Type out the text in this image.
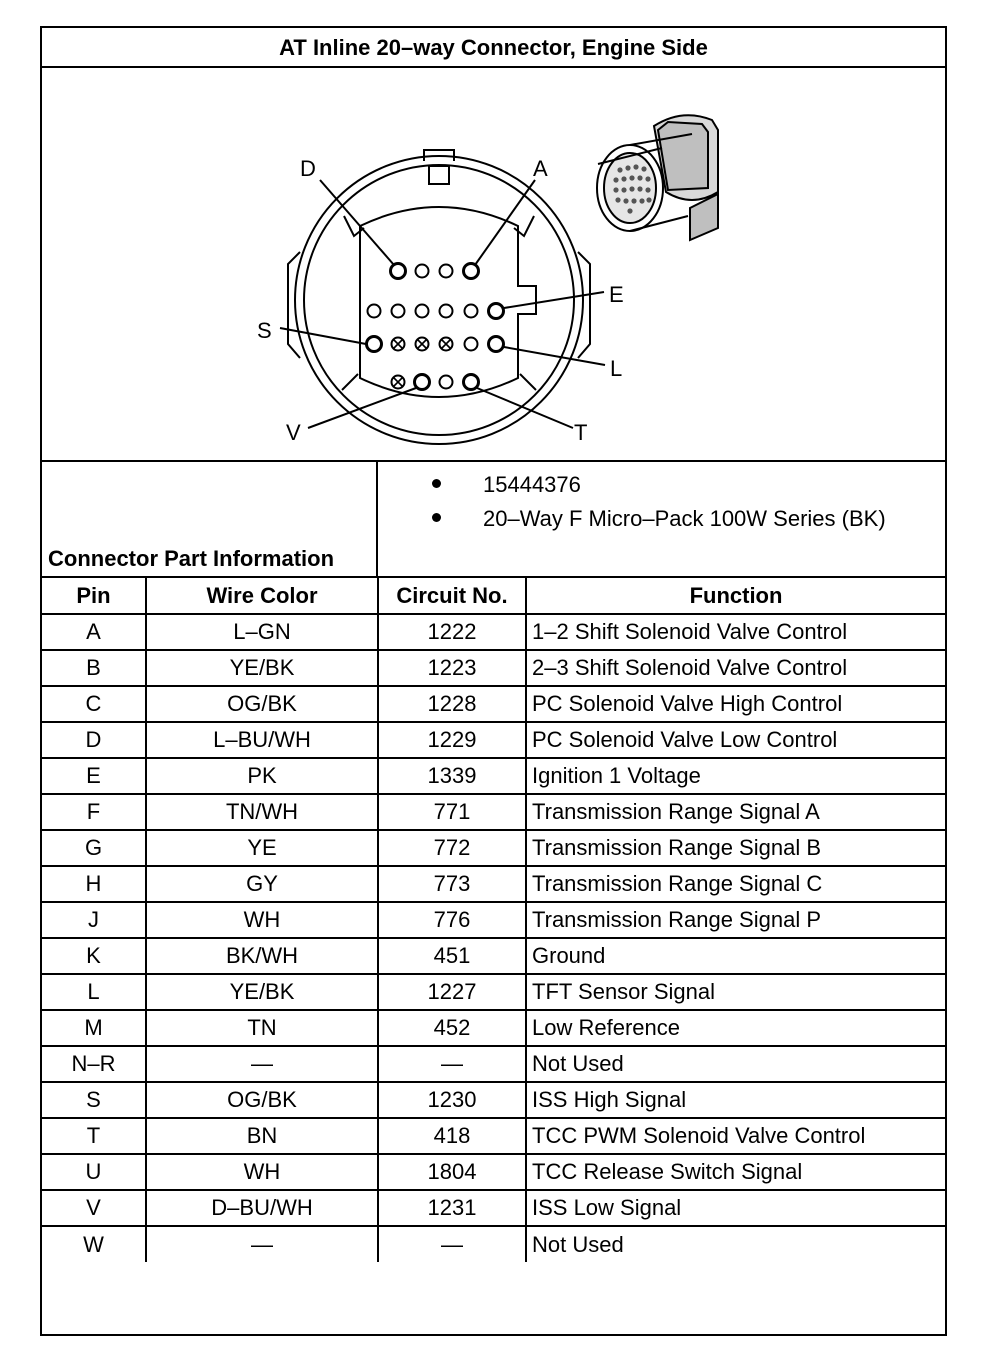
AT Inline 20–way Connector, Engine Side
D	A
E
S
L
V	T
Connector Part Information
15444376
20–Way F Micro–Pack 100W Series (BK)
Pin	Wire Color	Circuit No.	Function
A	L–GN	1222	1–2 Shift Solenoid Valve Control
B	YE/BK	1223	2–3 Shift Solenoid Valve Control
C	OG/BK	1228	PC Solenoid Valve High Control
D	L–BU/WH	1229	PC Solenoid Valve Low Control
E	PK	1339	Ignition 1 Voltage
F	TN/WH	771	Transmission Range Signal A
G	YE	772	Transmission Range Signal B
H	GY	773	Transmission Range Signal C
J	WH	776	Transmission Range Signal P
K	BK/WH	451	Ground
L	YE/BK	1227	TFT Sensor Signal
M	TN	452	Low Reference
N–R	—	—	Not Used
S	OG/BK	1230	ISS High Signal
T	BN	418	TCC PWM Solenoid Valve Control
U	WH	1804	TCC Release Switch Signal
V	D–BU/WH	1231	ISS Low Signal
W	—	—	Not Used
